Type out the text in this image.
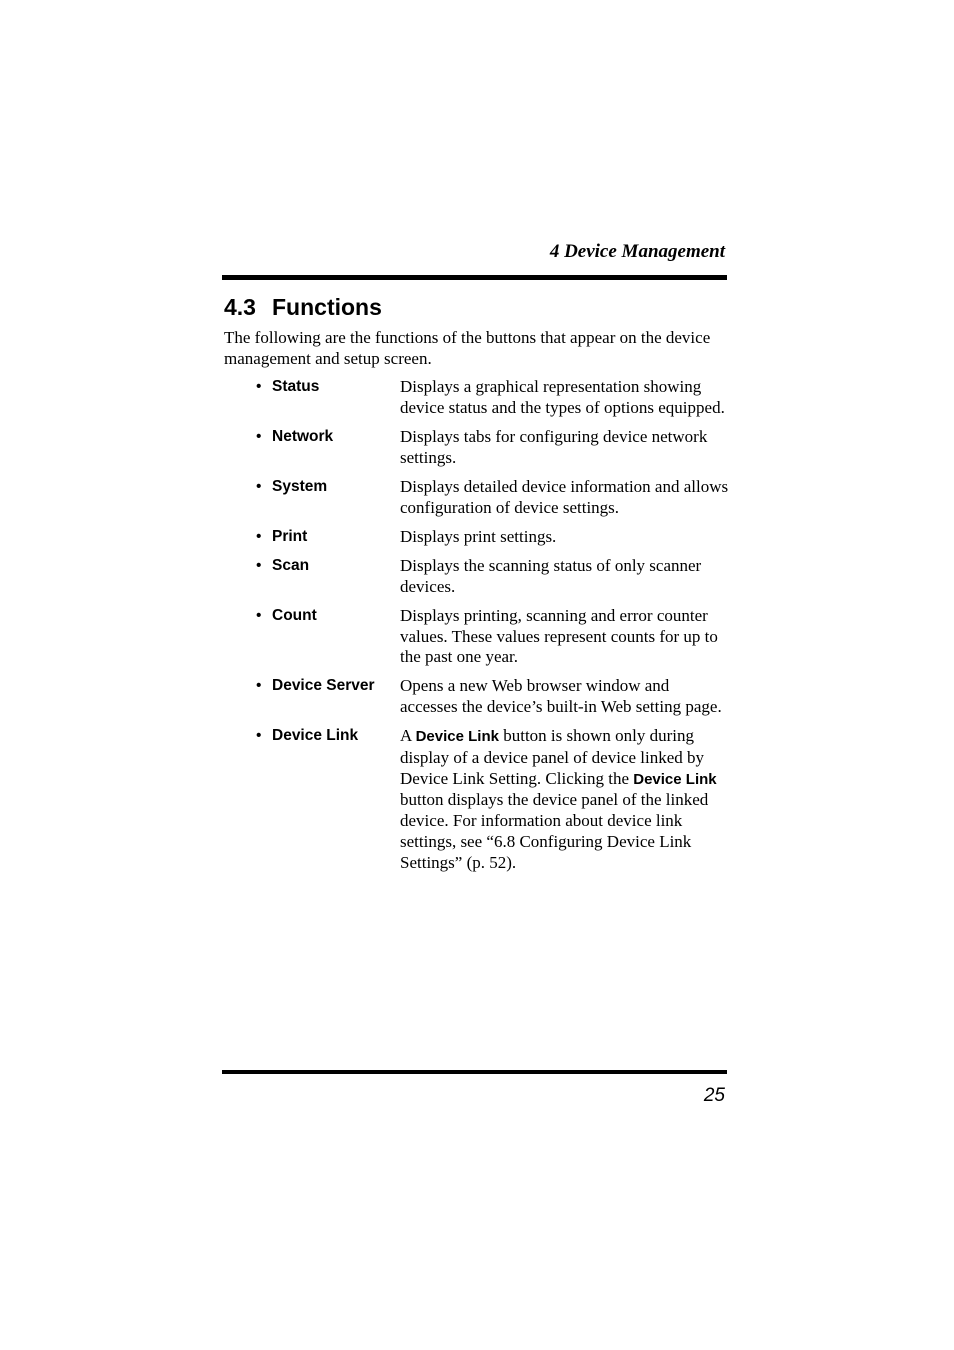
4 Device Management
4.3 Functions

The following are the functions of the buttons that appear on the device management and setup screen.

• Status	Displays a graphical representation showing device status and the types of options equipped.
• Network	Displays tabs for configuring device network settings.
• System	Displays detailed device information and allows configuration of device settings.
• Print	Displays print settings.
• Scan	Displays the scanning status of only scanner devices.
• Count	Displays printing, scanning and error counter values. These values represent counts for up to the past one year.
• Device Server	Opens a new Web browser window and accesses the device’s built-in Web setting page.
• Device Link	A Device Link button is shown only during display of a device panel of device linked by Device Link Setting. Clicking the Device Link button displays the device panel of the linked device. For information about device link settings, see “6.8 Configuring Device Link Settings” (p. 52).
25
